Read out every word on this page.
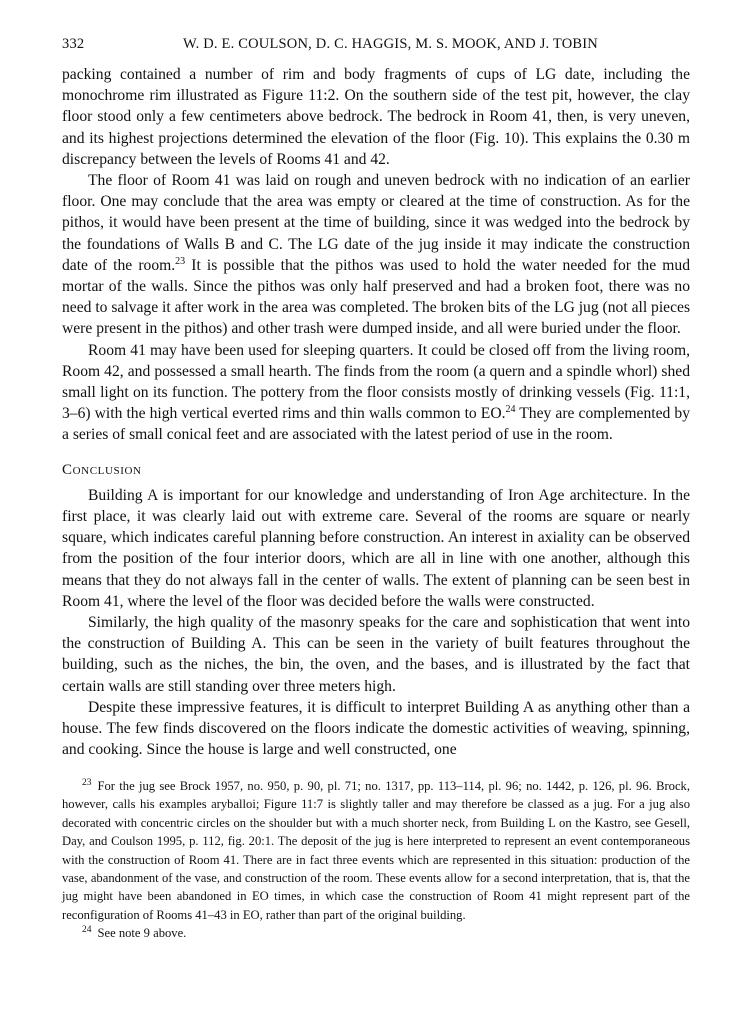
332	W. D. E. COULSON, D. C. HAGGIS, M. S. MOOK, AND J. TOBIN

packing contained a number of rim and body fragments of cups of LG date, including the monochrome rim illustrated as Figure 11:2. On the southern side of the test pit, however, the clay floor stood only a few centimeters above bedrock. The bedrock in Room 41, then, is very uneven, and its highest projections determined the elevation of the floor (Fig. 10). This explains the 0.30 m discrepancy between the levels of Rooms 41 and 42.

The floor of Room 41 was laid on rough and uneven bedrock with no indication of an earlier floor. One may conclude that the area was empty or cleared at the time of construction. As for the pithos, it would have been present at the time of building, since it was wedged into the bedrock by the foundations of Walls B and C. The LG date of the jug inside it may indicate the construction date of the room.$^{23}$ It is possible that the pithos was used to hold the water needed for the mud mortar of the walls. Since the pithos was only half preserved and had a broken foot, there was no need to salvage it after work in the area was completed. The broken bits of the LG jug (not all pieces were present in the pithos) and other trash were dumped inside, and all were buried under the floor.

Room 41 may have been used for sleeping quarters. It could be closed off from the living room, Room 42, and possessed a small hearth. The finds from the room (a quern and a spindle whorl) shed small light on its function. The pottery from the floor consists mostly of drinking vessels (Fig. 11:1, 3–6) with the high vertical everted rims and thin walls common to EO.$^{24}$ They are complemented by a series of small conical feet and are associated with the latest period of use in the room.

Conclusion

Building A is important for our knowledge and understanding of Iron Age architecture. In the first place, it was clearly laid out with extreme care. Several of the rooms are square or nearly square, which indicates careful planning before construction. An interest in axiality can be observed from the position of the four interior doors, which are all in line with one another, although this means that they do not always fall in the center of walls. The extent of planning can be seen best in Room 41, where the level of the floor was decided before the walls were constructed.

Similarly, the high quality of the masonry speaks for the care and sophistication that went into the construction of Building A. This can be seen in the variety of built features throughout the building, such as the niches, the bin, the oven, and the bases, and is illustrated by the fact that certain walls are still standing over three meters high.

Despite these impressive features, it is difficult to interpret Building A as anything other than a house. The few finds discovered on the floors indicate the domestic activities of weaving, spinning, and cooking. Since the house is large and well constructed, one

$^{23}$ For the jug see Brock 1957, no. 950, p. 90, pl. 71; no. 1317, pp. 113–114, pl. 96; no. 1442, p. 126, pl. 96. Brock, however, calls his examples aryballoi; Figure 11:7 is slightly taller and may therefore be classed as a jug. For a jug also decorated with concentric circles on the shoulder but with a much shorter neck, from Building L on the Kastro, see Gesell, Day, and Coulson 1995, p. 112, fig. 20:1. The deposit of the jug is here interpreted to represent an event contemporaneous with the construction of Room 41. There are in fact three events which are represented in this situation: production of the vase, abandonment of the vase, and construction of the room. These events allow for a second interpretation, that is, that the jug might have been abandoned in EO times, in which case the construction of Room 41 might represent part of the reconfiguration of Rooms 41–43 in EO, rather than part of the original building.

$^{24}$ See note 9 above.
